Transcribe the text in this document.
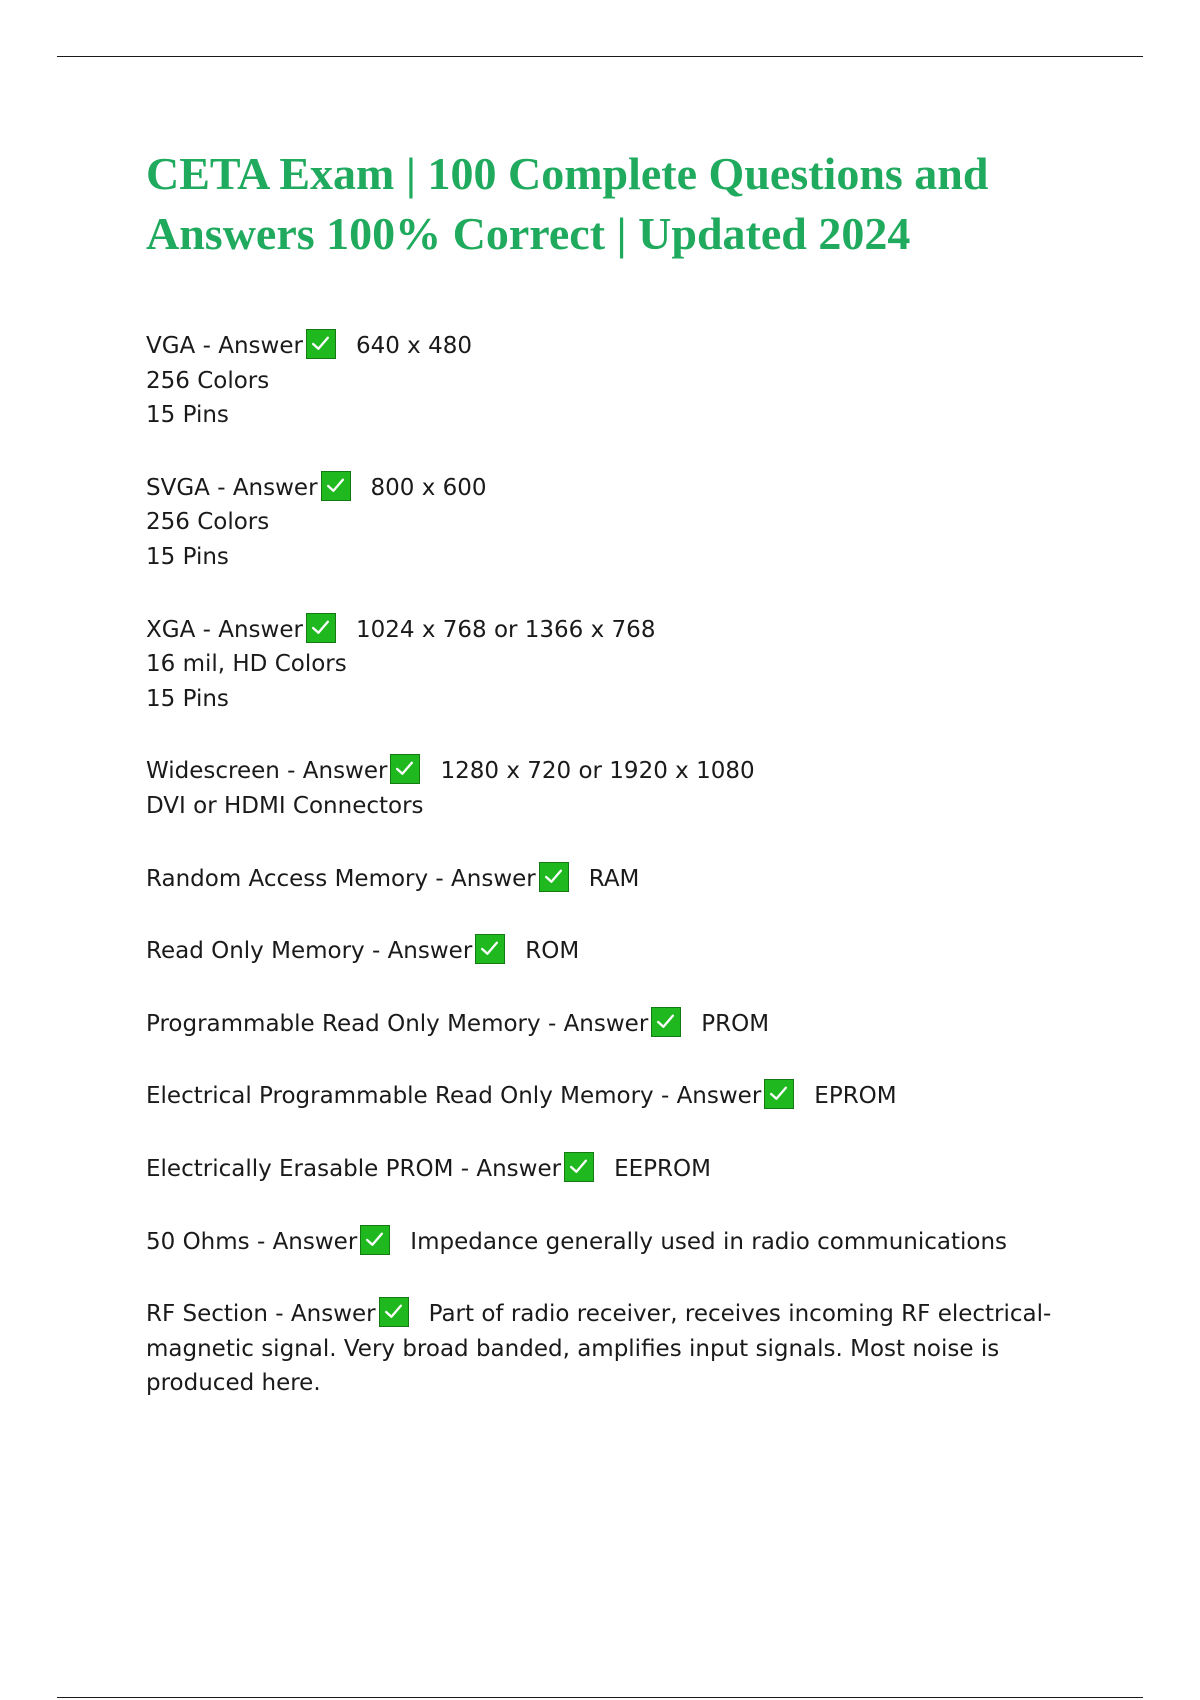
CETA Exam | 100 Complete Questions and Answers 100% Correct | Updated 2024
VGA - Answer 640 x 480
256 Colors
15 Pins
SVGA - Answer 800 x 600
256 Colors
15 Pins
XGA - Answer 1024 x 768 or 1366 x 768
16 mil, HD Colors
15 Pins
Widescreen - Answer 1280 x 720 or 1920 x 1080
DVI or HDMI Connectors
Random Access Memory - Answer RAM
Read Only Memory - Answer ROM
Programmable Read Only Memory - Answer PROM
Electrical Programmable Read Only Memory - Answer EPROM
Electrically Erasable PROM - Answer EEPROM
50 Ohms - Answer Impedance generally used in radio communications
RF Section - Answer Part of radio receiver, receives incoming RF electrical-magnetic signal. Very broad banded, amplifies input signals. Most noise is produced here.
